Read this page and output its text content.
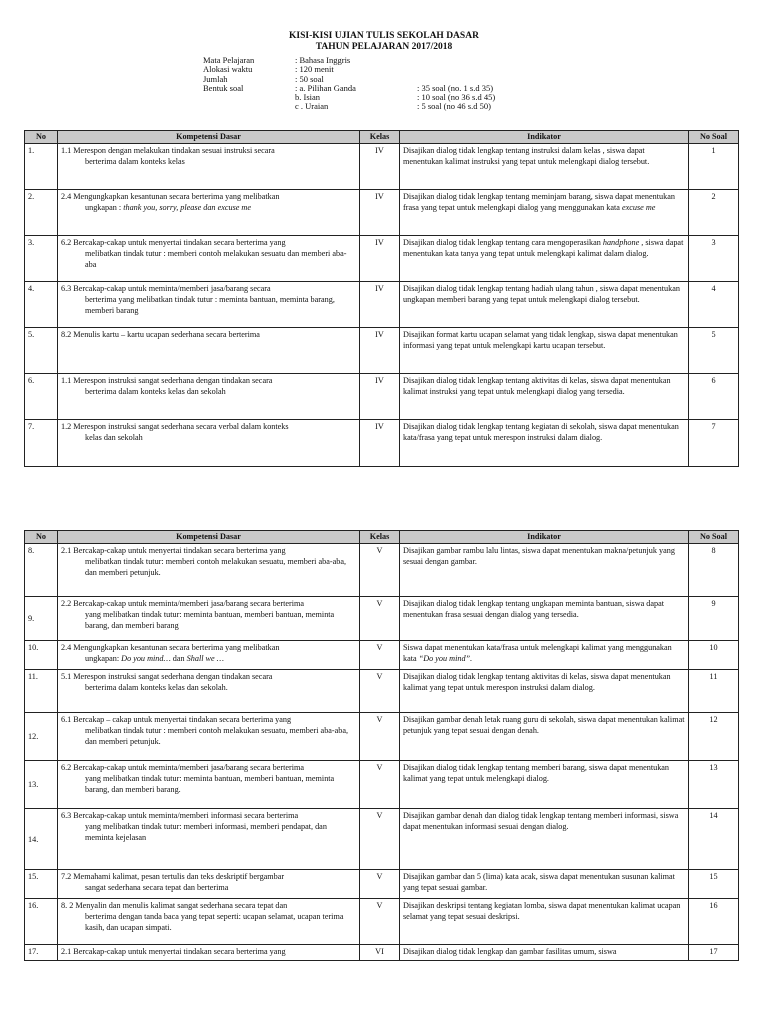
KISI-KISI UJIAN TULIS SEKOLAH DASAR
TAHUN PELAJARAN 2017/2018
Mata Pelajaran	: Bahasa Inggris
Alokasi waktu	: 120 menit
Jumlah	: 50 soal
Bentuk soal	: a. Pilihan Ganda	: 35 soal (no. 1 s.d 35)
b. Isian	: 10 soal (no 36 s.d 45)
c . Uraian	: 5 soal (no 46 s.d 50)
No	Kompetensi Dasar	Kelas	Indikator	No Soal
1.	1.1 Merespon dengan melakukan tindakan sesuai instruksi secara
berterima dalam konteks kelas	IV	Disajikan dialog tidak lengkap tentang instruksi dalam kelas , siswa dapat menentukan kalimat instruksi yang tepat untuk melengkapi dialog tersebut.	1
2.	2.4 Mengungkapkan kesantunan secara berterima yang melibatkan
ungkapan : thank you, sorry, please dan excuse me	IV	Disajikan dialog tidak lengkap tentang meminjam barang, siswa dapat menentukan frasa yang tepat untuk melengkapi dialog yang menggunakan kata excuse me	2
3.	6.2 Bercakap-cakap untuk menyertai tindakan secara berterima yang
melibatkan tindak tutur : memberi contoh melakukan sesuatu dan memberi aba-aba	IV	Disajikan dialog tidak lengkap tentang cara mengoperasikan handphone , siswa dapat menentukan kata tanya yang tepat untuk melengkapi kalimat dalam dialog.	3
4.	6.3 Bercakap-cakap untuk meminta/memberi jasa/barang secara
berterima yang melibatkan tindak tutur : meminta bantuan, meminta barang, memberi barang	IV	Disajikan dialog tidak lengkap tentang hadiah ulang tahun , siswa dapat menentukan ungkapan memberi barang yang tepat untuk melengkapi dialog tersebut.	4
5.	8.2 Menulis kartu – kartu ucapan sederhana secara berterima	IV	Disajikan format kartu ucapan selamat yang tidak lengkap, siswa dapat menentukan informasi yang tepat untuk melengkapi kartu ucapan tersebut.	5
6.	1.1 Merespon instruksi sangat sederhana dengan tindakan secara
berterima dalam konteks kelas dan sekolah	IV	Disajikan dialog tidak lengkap tentang aktivitas di kelas, siswa dapat menentukan kalimat instruksi yang tepat untuk melengkapi dialog yang tersedia.	6
7.	1.2 Merespon instruksi sangat sederhana secara verbal dalam konteks
kelas dan sekolah	IV	Disajikan dialog tidak lengkap tentang kegiatan di sekolah, siswa dapat menentukan kata/frasa yang tepat untuk merespon instruksi dalam dialog.	7
No	Kompetensi Dasar	Kelas	Indikator	No Soal
8.	2.1 Bercakap-cakap untuk menyertai tindakan secara berterima yang
melibatkan tindak tutur: memberi contoh melakukan sesuatu, memberi aba-aba, dan memberi petunjuk.	V	Disajikan gambar rambu lalu lintas, siswa dapat menentukan makna/petunjuk yang sesuai dengan gambar.	8
9.	2.2 Bercakap-cakap untuk meminta/memberi jasa/barang secara berterima
yang melibatkan tindak tutur: meminta bantuan, memberi bantuan, meminta barang, dan memberi barang	V	Disajikan dialog tidak lengkap tentang ungkapan meminta bantuan, siswa dapat menentukan frasa sesuai dengan dialog yang tersedia.	9
10.	2.4 Mengungkapkan kesantunan secara berterima yang melibatkan
ungkapan: Do you mind… dan Shall we …	V	Siswa dapat menentukan kata/frasa untuk melengkapi kalimat yang menggunakan kata “Do you mind”.	10
11.	5.1 Merespon instruksi sangat sederhana dengan tindakan secara
berterima dalam konteks kelas dan sekolah.	V	Disajikan dialog tidak lengkap tentang aktivitas di kelas, siswa dapat menentukan kalimat yang tepat untuk merespon instruksi dalam dialog.	11
12.	6.1 Bercakap – cakap untuk menyertai tindakan secara berterima yang
melibatkan tindak tutur : memberi contoh melakukan sesuatu, memberi aba-aba, dan memberi petunjuk.	V	Disajikan gambar denah letak ruang guru di sekolah, siswa dapat menentukan kalimat petunjuk yang tepat sesuai dengan denah.	12
13.	6.2 Bercakap-cakap untuk meminta/memberi jasa/barang secara berterima
yang melibatkan tindak tutur: meminta bantuan, memberi bantuan, meminta barang, dan memberi barang.	V	Disajikan dialog tidak lengkap tentang memberi barang, siswa dapat menentukan kalimat yang tepat untuk melengkapi dialog.	13
14.	6.3 Bercakap-cakap untuk meminta/memberi informasi secara berterima
yang melibatkan tindak tutur: memberi informasi, memberi pendapat, dan meminta kejelasan	V	Disajikan gambar denah dan dialog tidak lengkap tentang memberi informasi, siswa dapat menentukan informasi sesuai dengan dialog.	14
15.	7.2 Memahami kalimat, pesan tertulis dan teks deskriptif bergambar
sangat sederhana secara tepat dan berterima	V	Disajikan gambar dan 5 (lima) kata acak, siswa dapat menentukan susunan kalimat yang tepat sesuai gambar.	15
16.	8. 2 Menyalin dan menulis kalimat sangat sederhana secara tepat dan
berterima dengan tanda baca yang tepat seperti: ucapan selamat, ucapan terima kasih, dan ucapan simpati.	V	Disajikan deskripsi tentang kegiatan lomba, siswa dapat menentukan kalimat ucapan selamat yang tepat sesuai deskripsi.	16
17.	2.1 Bercakap-cakap untuk menyertai tindakan secara berterima yang	VI	Disajikan dialog tidak lengkap dan gambar fasilitas umum, siswa	17
